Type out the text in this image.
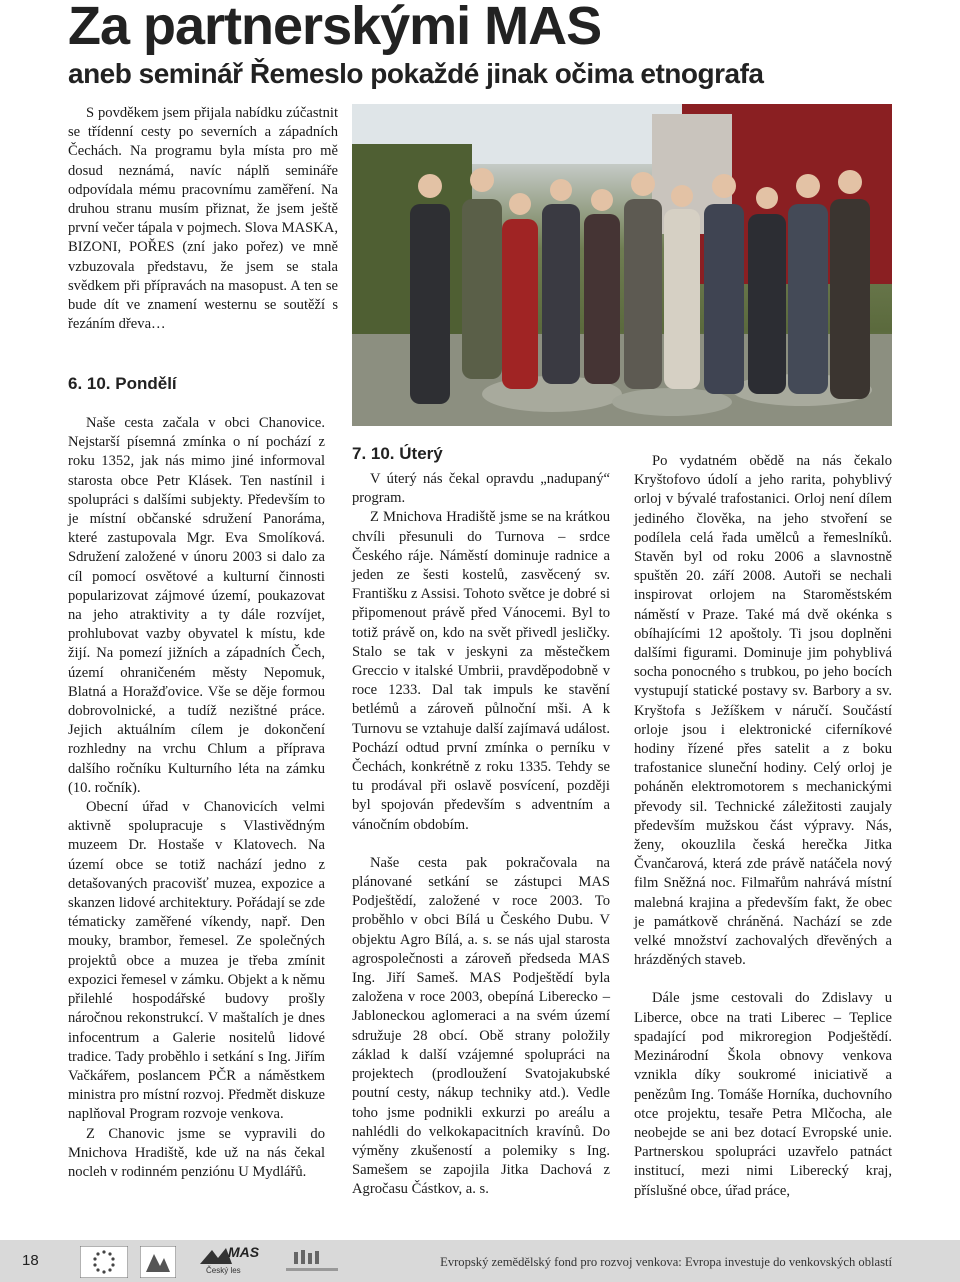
Za partnerskými MAS
aneb seminář Řemeslo pokaždé jinak očima etnografa

S povděkem jsem přijala nabídku zúčastnit se třídenní cesty po severních a západních Čechách. Na programu byla místa pro mě dosud neznámá, navíc náplň semináře odpovídala mému pracovnímu zaměření. Na druhou stranu musím přiznat, že jsem ještě první večer tápala v pojmech. Slova MASKA, BIZONI, POŘES (zní jako pořez) ve mně vzbuzovala představu, že jsem se stala svědkem při přípravách na masopust. A ten se bude dít ve znamení westernu se soutěží s řezáním dřeva…

6. 10. Pondělí

Naše cesta začala v obci Chanovice. Nejstarší písemná zmínka o ní pochází z roku 1352, jak nás mimo jiné informoval starosta obce Petr Klásek. Ten nastínil i spolupráci s dalšími subjekty. Především to je místní občanské sdružení Panoráma, které zastupovala Mgr. Eva Smolíková. Sdružení založené v únoru 2003 si dalo za cíl pomocí osvětové a kulturní činnosti popularizovat zájmové území, poukazovat na jeho atraktivity a ty dále rozvíjet, prohlubovat vazby obyvatel k místu, kde žijí. Na pomezí jižních a západních Čech, území ohraničeném městy Nepomuk, Blatná a Horažďovice. Vše se děje formou dobrovolnické, a tudíž nezištné práce. Jejich aktuálním cílem je dokončení rozhledny na vrchu Chlum a příprava dalšího ročníku Kulturního léta na zámku (10. ročník).

Obecní úřad v Chanovicích velmi aktivně spolupracuje s Vlastivědným muzeem Dr. Hostaše v Klatovech. Na území obce se totiž nachází jedno z detašovaných pracovišť muzea, expozice a skanzen lidové architektury. Pořádají se zde tématicky zaměřené víkendy, např. Den mouky, brambor, řemesel. Ze společných projektů obce a muzea je třeba zmínit expozici řemesel v zámku. Objekt a k němu přilehlé hospodářské budovy prošly náročnou rekonstrukcí. V maštalích je dnes infocentrum a Galerie nositelů lidové tradice. Tady proběhlo i setkání s Ing. Jiřím Vačkářem, poslancem PČR a náměstkem ministra pro místní rozvoj. Předmět diskuze naplňoval Program rozvoje venkova.

Z Chanovic jsme se vypravili do Mnichova Hradiště, kde už na nás čekal nocleh v rodinném penziónu U Mydlářů.

7. 10. Úterý

V úterý nás čekal opravdu „nadupaný“ program.

Z Mnichova Hradiště jsme se na krátkou chvíli přesunuli do Turnova – srdce Českého ráje. Náměstí dominuje radnice a jeden ze šesti kostelů, zasvěcený sv. Františku z Assisi. Tohoto světce je dobré si připomenout právě před Vánocemi. Byl to totiž právě on, kdo na svět přivedl jesličky. Stalo se tak v jeskyni za městečkem Greccio v italské Umbrii, pravděpodobně v roce 1233. Dal tak impuls ke stavění betlémů a zároveň půlnoční mši. A k Turnovu se vztahuje další zajímavá událost. Pochází odtud první zmínka o perníku v Čechách, konkrétně z roku 1335. Tehdy se tu prodával při oslavě posvícení, později byl spojován především s adventním a vánočním obdobím.

Naše cesta pak pokračovala na plánované setkání se zástupci MAS Podještědí, založené v roce 2003. To proběhlo v obci Bílá u Českého Dubu. V objektu Agro Bílá, a. s. se nás ujal starosta agrospolečnosti a zároveň předseda MAS Ing. Jiří Sameš. MAS Podještědí byla založena v roce 2003, obepíná Liberecko – Jabloneckou aglomeraci a na svém území sdružuje 28 obcí. Obě strany položily základ k další vzájemné spolupráci na projektech (prodloužení Svatojakubské poutní cesty, nákup techniky atd.). Vedle toho jsme podnikli exkurzi po areálu a nahlédli do velkokapacitních kravínů. Do výměny zkušeností a polemiky s Ing. Samešem se zapojila Jitka Dachová z Agročasu Částkov, a. s.

Po vydatném obědě na nás čekalo Kryštofovo údolí a jeho rarita, pohyblivý orloj v bývalé trafostanici. Orloj není dílem jediného člověka, na jeho stvoření se podílela celá řada umělců a řemeslníků. Stavěn byl od roku 2006 a slavnostně spuštěn 20. září 2008. Autoři se nechali inspirovat orlojem na Staroměstském náměstí v Praze. Také má dvě okénka s obíhajícími 12 apoštoly. Ti jsou doplněni dalšími figurami. Dominuje jim pohyblivá socha ponocného s trubkou, po jeho bocích vystupují statické postavy sv. Barbory a sv. Kryštofa s Ježíškem v náručí. Součástí orloje jsou i elektronické ciferníkové hodiny řízené přes satelit a z boku trafostanice sluneční hodiny. Celý orloj je poháněn elektromotorem s mechanickými převody sil. Technické záležitosti zaujaly především mužskou část výpravy. Nás, ženy, okouzlila česká herečka Jitka Čvančarová, která zde právě natáčela nový film Sněžná noc. Filmařům nahrává místní malebná krajina a především fakt, že obec je památkově chráněná. Nachází se zde velké množství zachovalých dřevěných a hrázděných staveb.

Dále jsme cestovali do Zdislavy u Liberce, obce na trati Liberec – Teplice spadající pod mikroregion Podještědí. Mezinárodní Škola obnovy venkova vznikla díky soukromé iniciativě a penězům Ing. Tomáše Horníka, duchovního otce projektu, tesaře Petra Mlčocha, ale neobejde se ani bez dotací Evropské unie. Partnerskou spolupráci uzavřelo patnáct institucí, mezi nimi Liberecký kraj, příslušné obce, úřad práce,

18	MAS
Český les
Evropský zemědělský fond pro rozvoj venkova: Evropa investuje do venkovských oblastí
